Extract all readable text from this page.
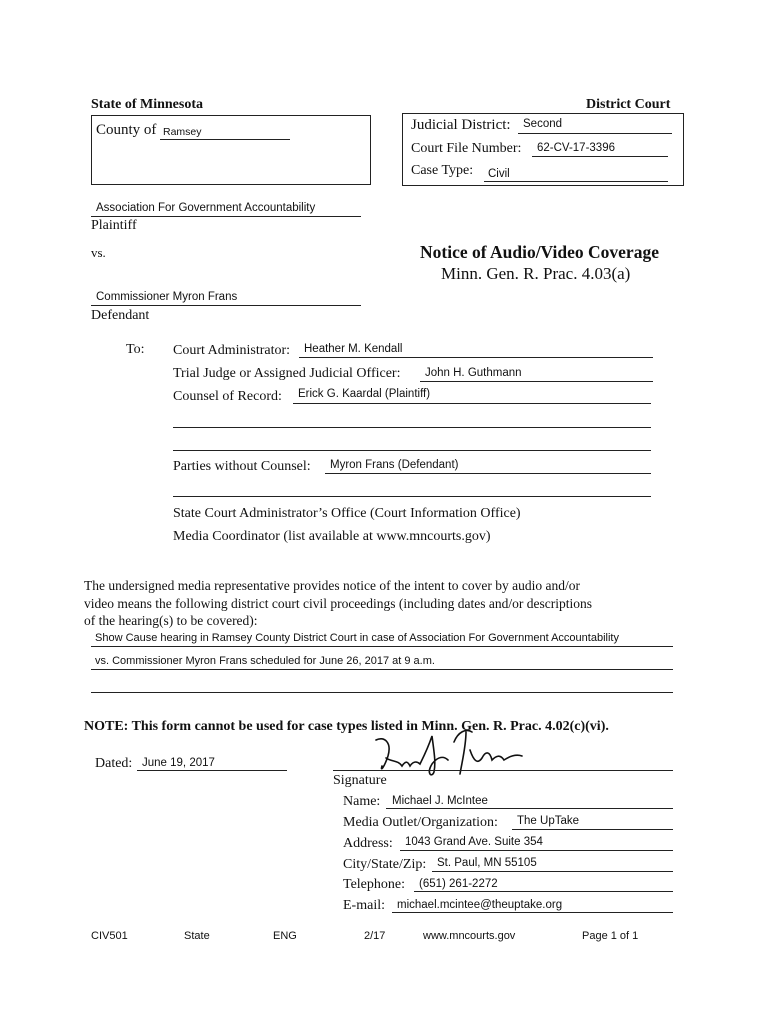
State of Minnesota	District Court
County of Ramsey	Judicial District: Second
Court File Number: 62-CV-17-3396
Case Type: Civil
Association For Government Accountability
Plaintiff
vs.
Commissioner Myron Frans
Defendant
Notice of Audio/Video Coverage
Minn. Gen. R. Prac. 4.03(a)
To: Court Administrator: Heather M. Kendall
Trial Judge or Assigned Judicial Officer: John H. Guthmann
Counsel of Record: Erick G. Kaardal (Plaintiff)
Parties without Counsel: Myron Frans (Defendant)
State Court Administrator’s Office (Court Information Office)
Media Coordinator (list available at www.mncourts.gov)
The undersigned media representative provides notice of the intent to cover by audio and/or
video means the following district court civil proceedings (including dates and/or descriptions
of the hearing(s) to be covered):
Show Cause hearing in Ramsey County District Court in case of Association For Government Accountability
vs. Commissioner Myron Frans scheduled for June 26, 2017 at 9 a.m.
NOTE: This form cannot be used for case types listed in Minn. Gen. R. Prac. 4.02(c)(vi).
Dated: June 19, 2017
Signature
Name: Michael J. McIntee
Media Outlet/Organization: The UpTake
Address: 1043 Grand Ave. Suite 354
City/State/Zip: St. Paul, MN 55105
Telephone: (651) 261-2272
E-mail: michael.mcintee@theuptake.org
CIV501	State	ENG	2/17	www.mncourts.gov	Page 1 of 1
